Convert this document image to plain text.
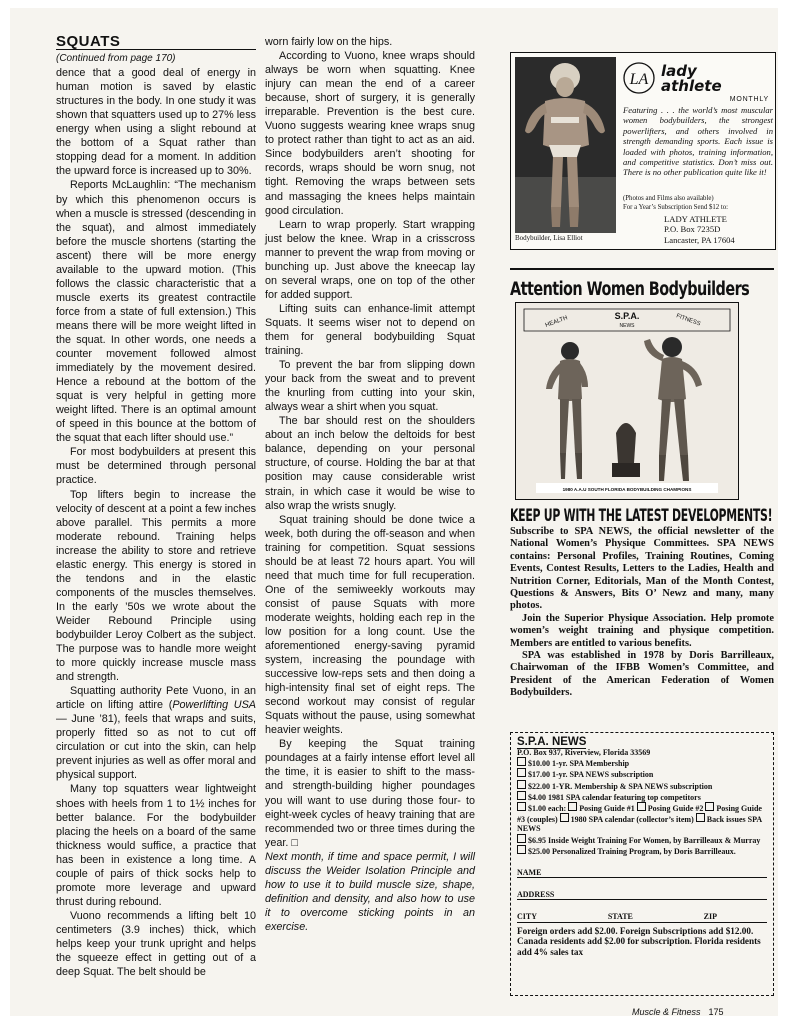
SQUATS

(Continued from page 170)

dence that a good deal of energy in human motion is saved by elastic structures in the body. In one study it was shown that squatters used up to 27% less energy when using a slight rebound at the bottom of a Squat rather than stopping dead for a moment. In addition the upward force is increased up to 30%.

Reports McLaughlin: “The mechanism by which this phenomenon occurs is when a muscle is stressed (descending in the squat), and almost immediately before the muscle shortens (starting the ascent) there will be more energy available to the upward motion. (This follows the classic characteristic that a muscle exerts its greatest contractile force from a state of full extension.) This means there will be more weight lifted in the squat. In other words, one needs a counter movement followed almost immediately by the movement desired. Hence a rebound at the bottom of the squat is very helpful in getting more weight lifted. There is an optimal amount of speed in this bounce at the bottom of the squat that each lifter should use.”

For most bodybuilders at present this must be determined through personal practice.

Top lifters begin to increase the velocity of descent at a point a few inches above parallel. This permits a more moderate rebound. Training helps increase the ability to store and retrieve elastic energy. This energy is stored in the tendons and in the elastic components of the muscles themselves. In the early ’50s we wrote about the Weider Rebound Principle using bodybuilder Leroy Colbert as the subject. The purpose was to handle more weight to more quickly increase muscle mass and strength.

Squatting authority Pete Vuono, in an article on lifting attire (Powerlifting USA — June ’81), feels that wraps and suits, properly fitted so as not to cut off circulation or cut into the skin, can help prevent injuries as well as offer moral and physical support.

Many top squatters wear lightweight shoes with heels from 1 to 1½ inches for better balance. For the bodybuilder placing the heels on a board of the same thickness would suffice, a practice that has been in existence a long time. A couple of pairs of thick socks help to promote more leverage and upward thrust during rebound.

Vuono recommends a lifting belt 10 centimeters (3.9 inches) thick, which helps keep your trunk upright and helps the squeeze effect in getting out of a deep Squat. The belt should be

worn fairly low on the hips.

According to Vuono, knee wraps should always be worn when squatting. Knee injury can mean the end of a career because, short of surgery, it is generally irreparable. Prevention is the best cure. Vuono suggests wearing knee wraps snug to protect rather than tight to act as an aid. Since bodybuilders aren’t shooting for records, wraps should be worn snug, not tight. Removing the wraps between sets and massaging the knees helps maintain good circulation.

Learn to wrap properly. Start wrapping just below the knee. Wrap in a crisscross manner to prevent the wrap from moving or bunching up. Just above the kneecap lay on several wraps, one on top of the other for added support.

Lifting suits can enhance-limit attempt Squats. It seems wiser not to depend on them for general bodybuilding Squat training.

To prevent the bar from slipping down your back from the sweat and to prevent the knurling from cutting into your skin, always wear a shirt when you squat.

The bar should rest on the shoulders about an inch below the deltoids for best balance, depending on your personal structure, of course. Holding the bar at that position may cause considerable wrist strain, in which case it would be wise to also wrap the wrists snugly.

Squat training should be done twice a week, both during the off-season and when training for competition. Squat sessions should be at least 72 hours apart. You will need that much time for full recuperation. One of the semiweekly workouts may consist of pause Squats with more moderate weights, holding each rep in the low position for a long count. Use the aforementioned energy-saving pyramid system, increasing the poundage with successive low-reps sets and then doing a high-intensity final set of eight reps. The second workout may consist of regular Squats without the pause, using somewhat heavier weights.

By keeping the Squat training poundages at a fairly intense effort level all the time, it is easier to shift to the mass- and strength-building higher poundages you will want to use during those four- to eight-week cycles of heavy training that are recommended two or three times during the year. □

Next month, if time and space permit, I will discuss the Weider Isolation Principle and how to use it to build muscle size, shape, definition and density, and also how to use it to overcome sticking points in an exercise.

Bodybuilder, Lisa Elliot
LA lady
athlete
MONTHLY
Featuring . . . the world’s most muscular women bodybuilders, the strongest powerlifters, and others involved in strength demanding sports. Each issue is loaded with photos, training information, and competitive statistics. Don’t miss out. There is no other publication quite like it!
(Photos and Films also available)
For a Year’s Subscription Send $12 to:
LADY ATHLETE
P.O. Box 7235D
Lancaster, PA 17604
Attention Women Bodybuilders
HEALTH	S.P.A.
NEWS	FITNESS
1980 A.A.U SOUTH FLORIDA BODYBUILDING CHAMPIONS
KEEP UP WITH THE LATEST DEVELOPMENTS!

Subscribe to SPA NEWS, the official newsletter of the National Women’s Physique Committees. SPA NEWS contains: Personal Profiles, Training Routines, Coming Events, Contest Results, Letters to the Ladies, Health and Nutrition Corner, Editorials, Man of the Month Contest, Questions & Answers, Bits O’ Newz and many, many photos.

Join the Superior Physique Association. Help promote women’s weight training and physique competition. Members are entitled to various benefits.

SPA was established in 1978 by Doris Barrilleaux, Chairwoman of the IFBB Women’s Committee, and President of the American Federation of Women Bodybuilders.

S.P.A. NEWS
P.O. Box 937, Riverview, Florida 33569
$10.00 1-yr. SPA Membership
$17.00 1-yr. SPA NEWS subscription
$22.00 1-YR. Membership & SPA NEWS subscription
$4.00 1981 SPA calendar featuring top competitors
$1.00 each: Posing Guide #1 Posing Guide #2 Posing Guide #3 (couples) 1980 SPA calendar (collector’s item) Back issues SPA NEWS
$6.95 Inside Weight Training For Women, by Barrilleaux & Murray
$25.00 Personalized Training Program, by Doris Barrilleaux.
NAME
ADDRESS
CITY	STATE	ZIP
Foreign orders add $2.00. Foreign Subscriptions add $12.00. Canada residents add $2.00 for subscription. Florida residents add 4% sales tax
Muscle & Fitness 175
